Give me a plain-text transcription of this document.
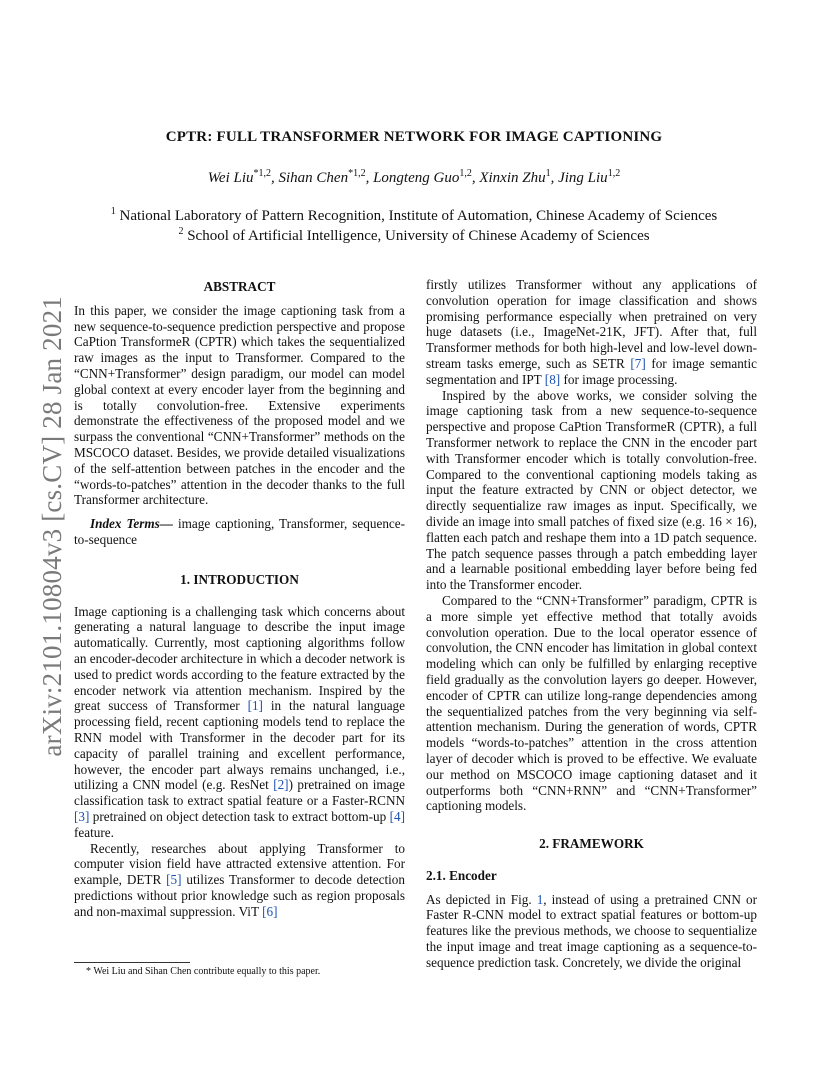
arXiv:2101.10804v3 [cs.CV] 28 Jan 2021
CPTR: FULL TRANSFORMER NETWORK FOR IMAGE CAPTIONING
Wei Liu$^{*1,2}$, Sihan Chen$^{*1,2}$, Longteng Guo$^{1,2}$, Xinxin Zhu$^1$, Jing Liu$^{1,2}$
$^1$ National Laboratory of Pattern Recognition, Institute of Automation, Chinese Academy of Sciences
$^2$ School of Artificial Intelligence, University of Chinese Academy of Sciences
ABSTRACT

In this paper, we consider the image captioning task from a new sequence-to-sequence prediction perspective and propose CaPtion TransformeR (CPTR) which takes the sequentialized raw images as the input to Transformer. Compared to the “CNN+Transformer” design paradigm, our model can model global context at every encoder layer from the beginning and is totally convolution-free. Extensive experiments demonstrate the effectiveness of the proposed model and we surpass the conventional “CNN+Transformer” methods on the MSCOCO dataset. Besides, we provide detailed visualizations of the self-attention between patches in the encoder and the “words-to-patches” attention in the decoder thanks to the full Transformer architecture.

Index Terms— image captioning, Transformer, sequence-to-sequence

1. INTRODUCTION

Image captioning is a challenging task which concerns about generating a natural language to describe the input image automatically. Currently, most captioning algorithms follow an encoder-decoder architecture in which a decoder network is used to predict words according to the feature extracted by the encoder network via attention mechanism. Inspired by the great success of Transformer [1] in the natural language processing field, recent captioning models tend to replace the RNN model with Transformer in the decoder part for its capacity of parallel training and excellent performance, however, the encoder part always remains unchanged, i.e., utilizing a CNN model (e.g. ResNet [2]) pretrained on image classification task to extract spatial feature or a Faster-RCNN [3] pretrained on object detection task to extract bottom-up [4] feature.

Recently, researches about applying Transformer to computer vision field have attracted extensive attention. For example, DETR [5] utilizes Transformer to decode detection predictions without prior knowledge such as region proposals and non-maximal suppression. ViT [6]

firstly utilizes Transformer without any applications of convolution operation for image classification and shows promising performance especially when pretrained on very huge datasets (i.e., ImageNet-21K, JFT). After that, full Transformer methods for both high-level and low-level down-stream tasks emerge, such as SETR [7] for image semantic segmentation and IPT [8] for image processing.

Inspired by the above works, we consider solving the image captioning task from a new sequence-to-sequence perspective and propose CaPtion TransformeR (CPTR), a full Transformer network to replace the CNN in the encoder part with Transformer encoder which is totally convolution-free. Compared to the conventional captioning models taking as input the feature extracted by CNN or object detector, we directly sequentialize raw images as input. Specifically, we divide an image into small patches of fixed size (e.g. 16 × 16), flatten each patch and reshape them into a 1D patch sequence. The patch sequence passes through a patch embedding layer and a learnable positional embedding layer before being fed into the Transformer encoder.

Compared to the “CNN+Transformer” paradigm, CPTR is a more simple yet effective method that totally avoids convolution operation. Due to the local operator essence of convolution, the CNN encoder has limitation in global context modeling which can only be fulfilled by enlarging receptive field gradually as the convolution layers go deeper. However, encoder of CPTR can utilize long-range dependencies among the sequentialized patches from the very beginning via self-attention mechanism. During the generation of words, CPTR models “words-to-patches” attention in the cross attention layer of decoder which is proved to be effective. We evaluate our method on MSCOCO image captioning dataset and it outperforms both “CNN+RNN” and “CNN+Transformer” captioning models.

2. FRAMEWORK
2.1. Encoder

As depicted in Fig. 1, instead of using a pretrained CNN or Faster R-CNN model to extract spatial features or bottom-up features like the previous methods, we choose to sequentialize the input image and treat image captioning as a sequence-to-sequence prediction task. Concretely, we divide the original

* Wei Liu and Sihan Chen contribute equally to this paper.
